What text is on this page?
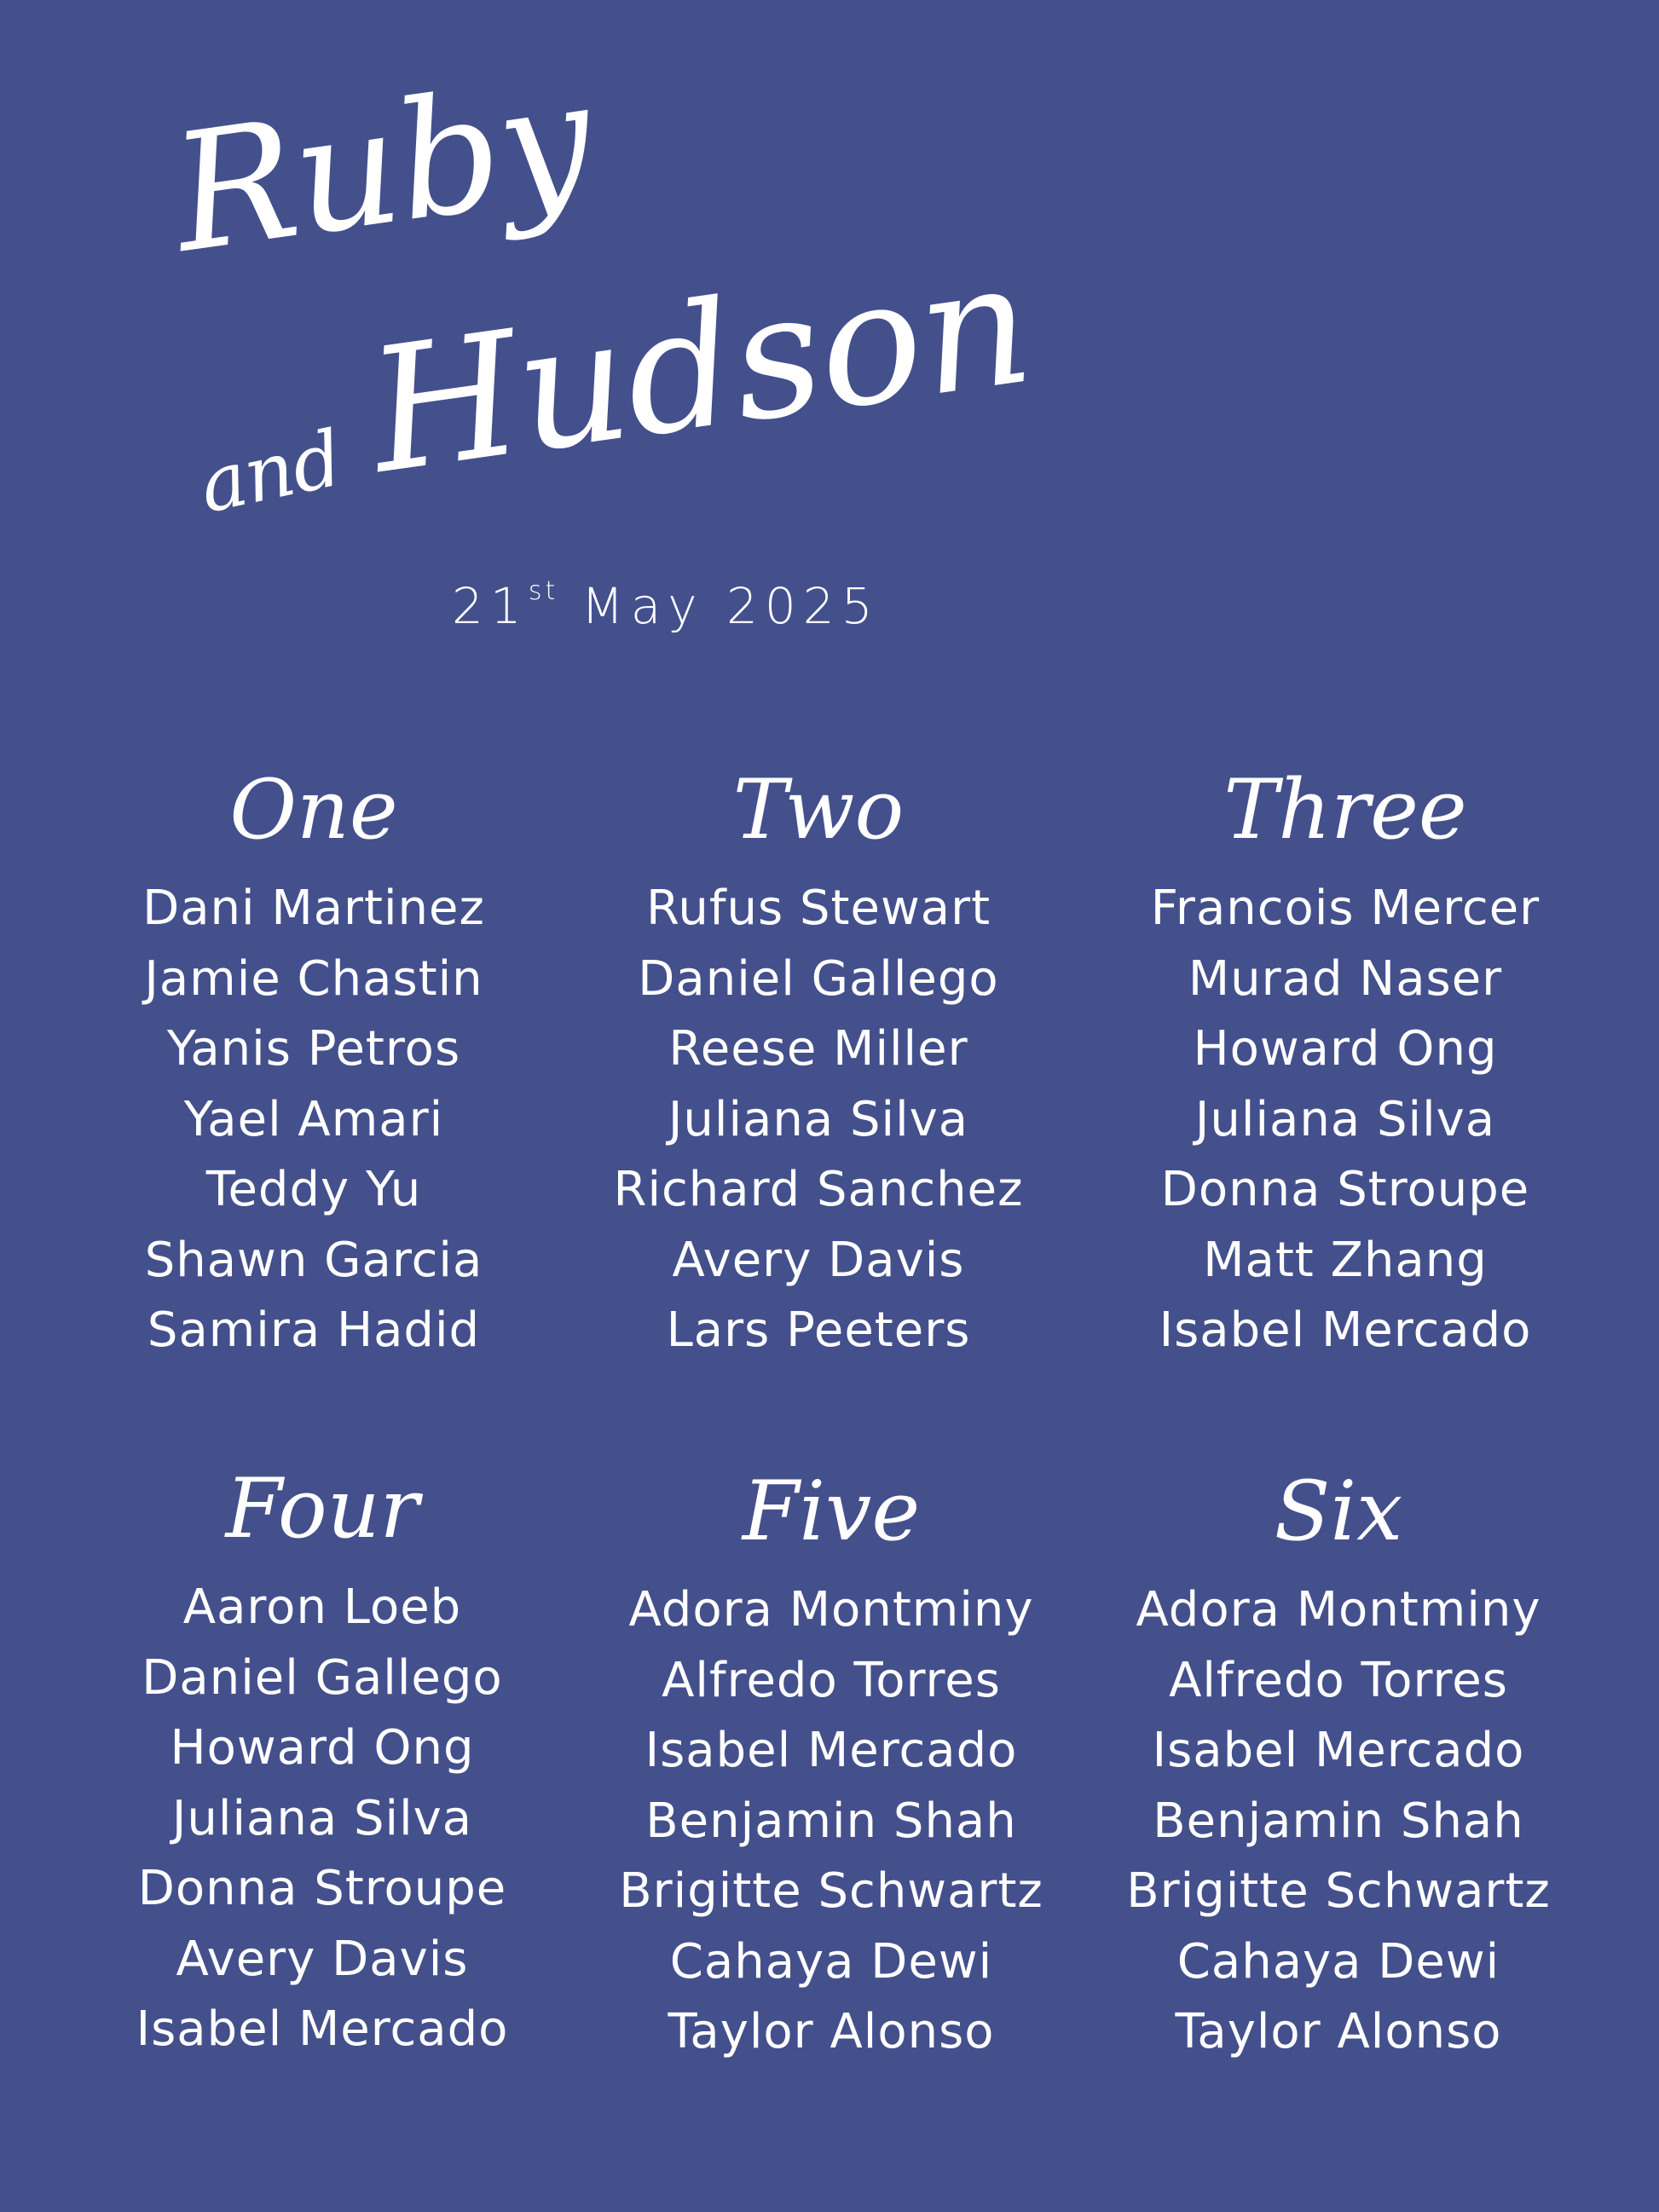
Ruby
and Hudson
21st May 2025
One
Dani Martinez
Jamie Chastin
Yanis Petros
Yael Amari
Teddy Yu
Shawn Garcia
Samira Hadid
Two
Rufus Stewart
Daniel Gallego
Reese Miller
Juliana Silva
Richard Sanchez
Avery Davis
Lars Peeters
Three
Francois Mercer
Murad Naser
Howard Ong
Juliana Silva
Donna Stroupe
Matt Zhang
Isabel Mercado
Four
Aaron Loeb
Daniel Gallego
Howard Ong
Juliana Silva
Donna Stroupe
Avery Davis
Isabel Mercado
Five
Adora Montminy
Alfredo Torres
Isabel Mercado
Benjamin Shah
Brigitte Schwartz
Cahaya Dewi
Taylor Alonso
Six
Adora Montminy
Alfredo Torres
Isabel Mercado
Benjamin Shah
Brigitte Schwartz
Cahaya Dewi
Taylor Alonso
